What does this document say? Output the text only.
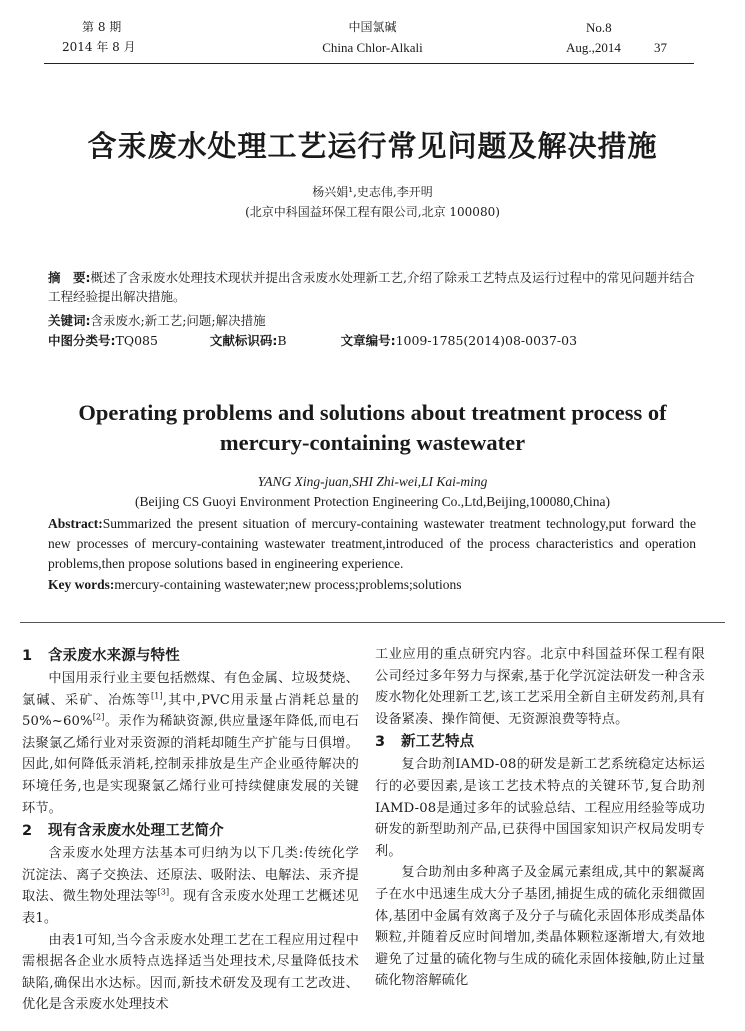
第 8 期
2014 年 8 月
中国氯碱
China Chlor-Alkali
No.8
Aug.,2014	37
含汞废水处理工艺运行常见问题及解决措施
杨兴娟¹,史志伟,李开明
(北京中科国益环保工程有限公司,北京 100080)
摘　要:概述了含汞废水处理技术现状并提出含汞废水处理新工艺,介绍了除汞工艺特点及运行过程中的常见问题并结合工程经验提出解决措施。
关键词:含汞废水;新工艺;问题;解决措施
中图分类号:TQ085	文献标识码:B	文章编号:1009-1785(2014)08-0037-03
Operating problems and solutions about treatment process of
mercury-containing wastewater
YANG Xing-juan,SHI Zhi-wei,LI Kai-ming
(Beijing CS Guoyi Environment Protection Engineering Co.,Ltd,Beijing,100080,China)
Abstract:Summarized the present situation of mercury-containing wastewater treatment technology,put forward the new processes of mercury-containing wastewater treatment,introduced of the process characteristics and operation problems,then propose solutions based in engineering experience.
Key words:mercury-containing wastewater;new process;problems;solutions
1 含汞废水来源与特性

中国用汞行业主要包括燃煤、有色金属、垃圾焚烧、氯碱、采矿、冶炼等[1],其中,PVC用汞量占消耗总量的50%~60%[2]。汞作为稀缺资源,供应量逐年降低,而电石法聚氯乙烯行业对汞资源的消耗却随生产扩能与日俱增。因此,如何降低汞消耗,控制汞排放是生产企业亟待解决的环境任务,也是实现聚氯乙烯行业可持续健康发展的关键环节。

2 现有含汞废水处理工艺简介

含汞废水处理方法基本可归纳为以下几类:传统化学沉淀法、离子交换法、还原法、吸附法、电解法、汞齐提取法、微生物处理法等[3]。现有含汞废水处理工艺概述见表1。

由表1可知,当今含汞废水处理工艺在工程应用过程中需根据各企业水质特点选择适当处理技术,尽量降低技术缺陷,确保出水达标。因而,新技术研发及现有工艺改进、优化是含汞废水处理技术

工业应用的重点研究内容。北京中科国益环保工程有限公司经过多年努力与探索,基于化学沉淀法研发一种含汞废水物化处理新工艺,该工艺采用全新自主研发药剂,具有设备紧凑、操作简便、无资源浪费等特点。

3 新工艺特点

复合助剂IAMD-08的研发是新工艺系统稳定达标运行的必要因素,是该工艺技术特点的关键环节,复合助剂IAMD-08是通过多年的试验总结、工程应用经验等成功研发的新型助剂产品,已获得中国国家知识产权局发明专利。

复合助剂由多种离子及金属元素组成,其中的絮凝离子在水中迅速生成大分子基团,捕捉生成的硫化汞细微固体,基团中金属有效离子及分子与硫化汞固体形成类晶体颗粒,并随着反应时间增加,类晶体颗粒逐渐增大,有效地避免了过量的硫化物与生成的硫化汞固体接触,防止过量硫化物溶解硫化
